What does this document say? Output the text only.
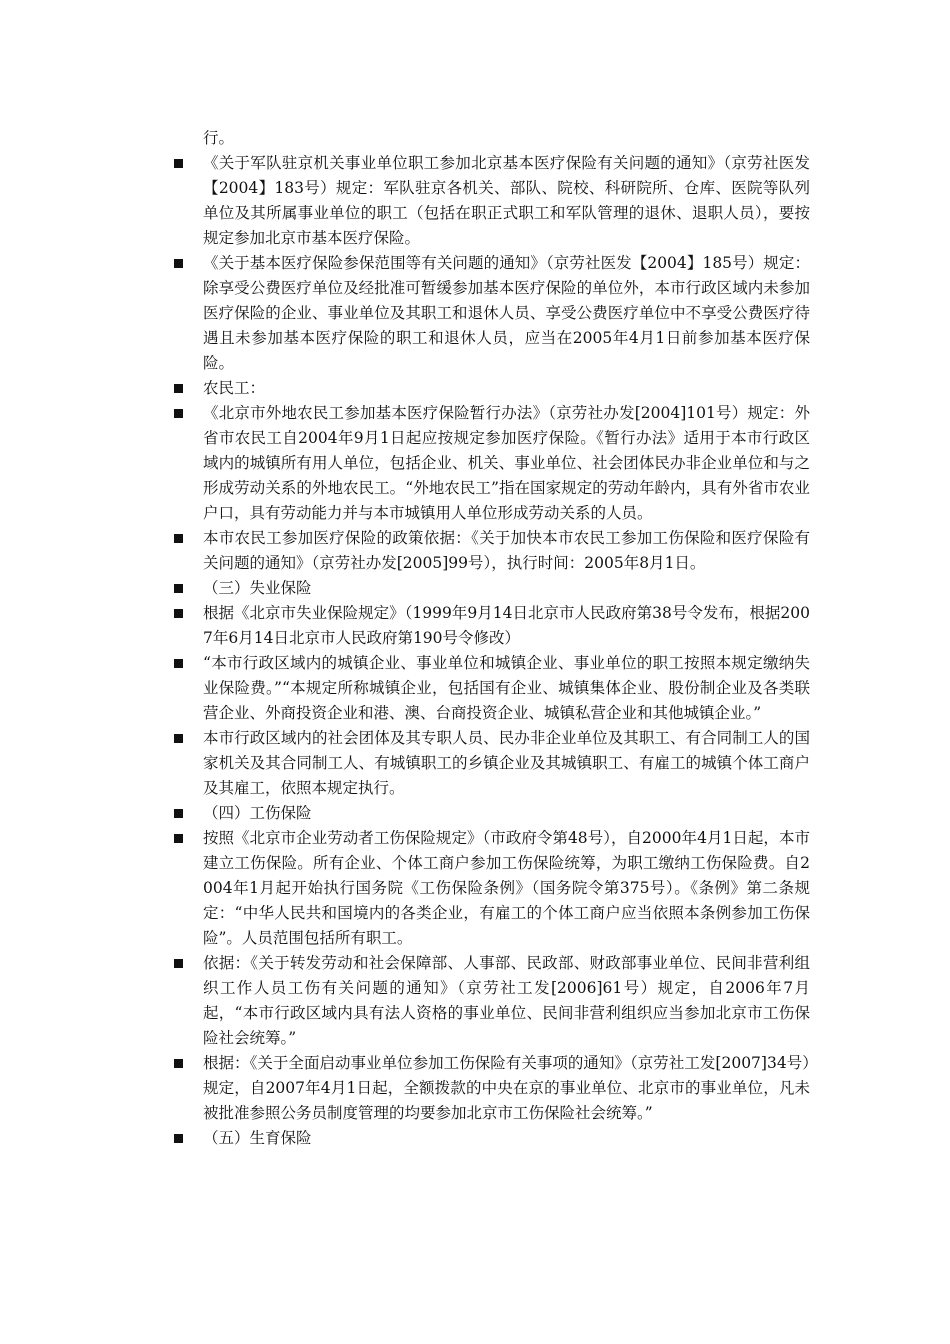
行。
《关于军队驻京机关事业单位职工参加北京基本医疗保险有关问题的通知》（京劳社医发【2004】183号）规定：军队驻京各机关、部队、院校、科研院所、仓库、医院等队列单位及其所属事业单位的职工（包括在职正式职工和军队管理的退休、退职人员），要按规定参加北京市基本医疗保险。
《关于基本医疗保险参保范围等有关问题的通知》（京劳社医发【2004】185号）规定：除享受公费医疗单位及经批准可暂缓参加基本医疗保险的单位外，本市行政区域内未参加医疗保险的企业、事业单位及其职工和退休人员、享受公费医疗单位中不享受公费医疗待遇且未参加基本医疗保险的职工和退休人员，应当在2005年4月1日前参加基本医疗保险。
农民工：
《北京市外地农民工参加基本医疗保险暂行办法》（京劳社办发[2004]101号）规定：外省市农民工自2004年9月1日起应按规定参加医疗保险。《暂行办法》适用于本市行政区域内的城镇所有用人单位，包括企业、机关、事业单位、社会团体民办非企业单位和与之形成劳动关系的外地农民工。“外地农民工”指在国家规定的劳动年龄内，具有外省市农业户口，具有劳动能力并与本市城镇用人单位形成劳动关系的人员。
本市农民工参加医疗保险的政策依据：《关于加快本市农民工参加工伤保险和医疗保险有关问题的通知》（京劳社办发[2005]99号），执行时间：2005年8月1日。
（三）失业保险
根据《北京市失业保险规定》（1999年9月14日北京市人民政府第38号令发布，根据2007年6月14日北京市人民政府第190号令修改）
“本市行政区域内的城镇企业、事业单位和城镇企业、事业单位的职工按照本规定缴纳失业保险费。”“本规定所称城镇企业，包括国有企业、城镇集体企业、股份制企业及各类联营企业、外商投资企业和港、澳、台商投资企业、城镇私营企业和其他城镇企业。”
本市行政区域内的社会团体及其专职人员、民办非企业单位及其职工、有合同制工人的国家机关及其合同制工人、有城镇职工的乡镇企业及其城镇职工、有雇工的城镇个体工商户及其雇工，依照本规定执行。
（四）工伤保险
按照《北京市企业劳动者工伤保险规定》（市政府令第48号），自2000年4月1日起，本市建立工伤保险。所有企业、个体工商户参加工伤保险统筹，为职工缴纳工伤保险费。自2004年1月起开始执行国务院《工伤保险条例》（国务院令第375号）。《条例》第二条规定：“中华人民共和国境内的各类企业，有雇工的个体工商户应当依照本条例参加工伤保险”。人员范围包括所有职工。
依据：《关于转发劳动和社会保障部、人事部、民政部、财政部事业单位、民间非营利组织工作人员工伤有关问题的通知》（京劳社工发[2006]61号）规定，自2006年7月起，“本市行政区域内具有法人资格的事业单位、民间非营利组织应当参加北京市工伤保险社会统筹。”
根据：《关于全面启动事业单位参加工伤保险有关事项的通知》（京劳社工发[2007]34号）规定，自2007年4月1日起，全额拨款的中央在京的事业单位、北京市的事业单位，凡未被批准参照公务员制度管理的均要参加北京市工伤保险社会统筹。”
（五）生育保险
